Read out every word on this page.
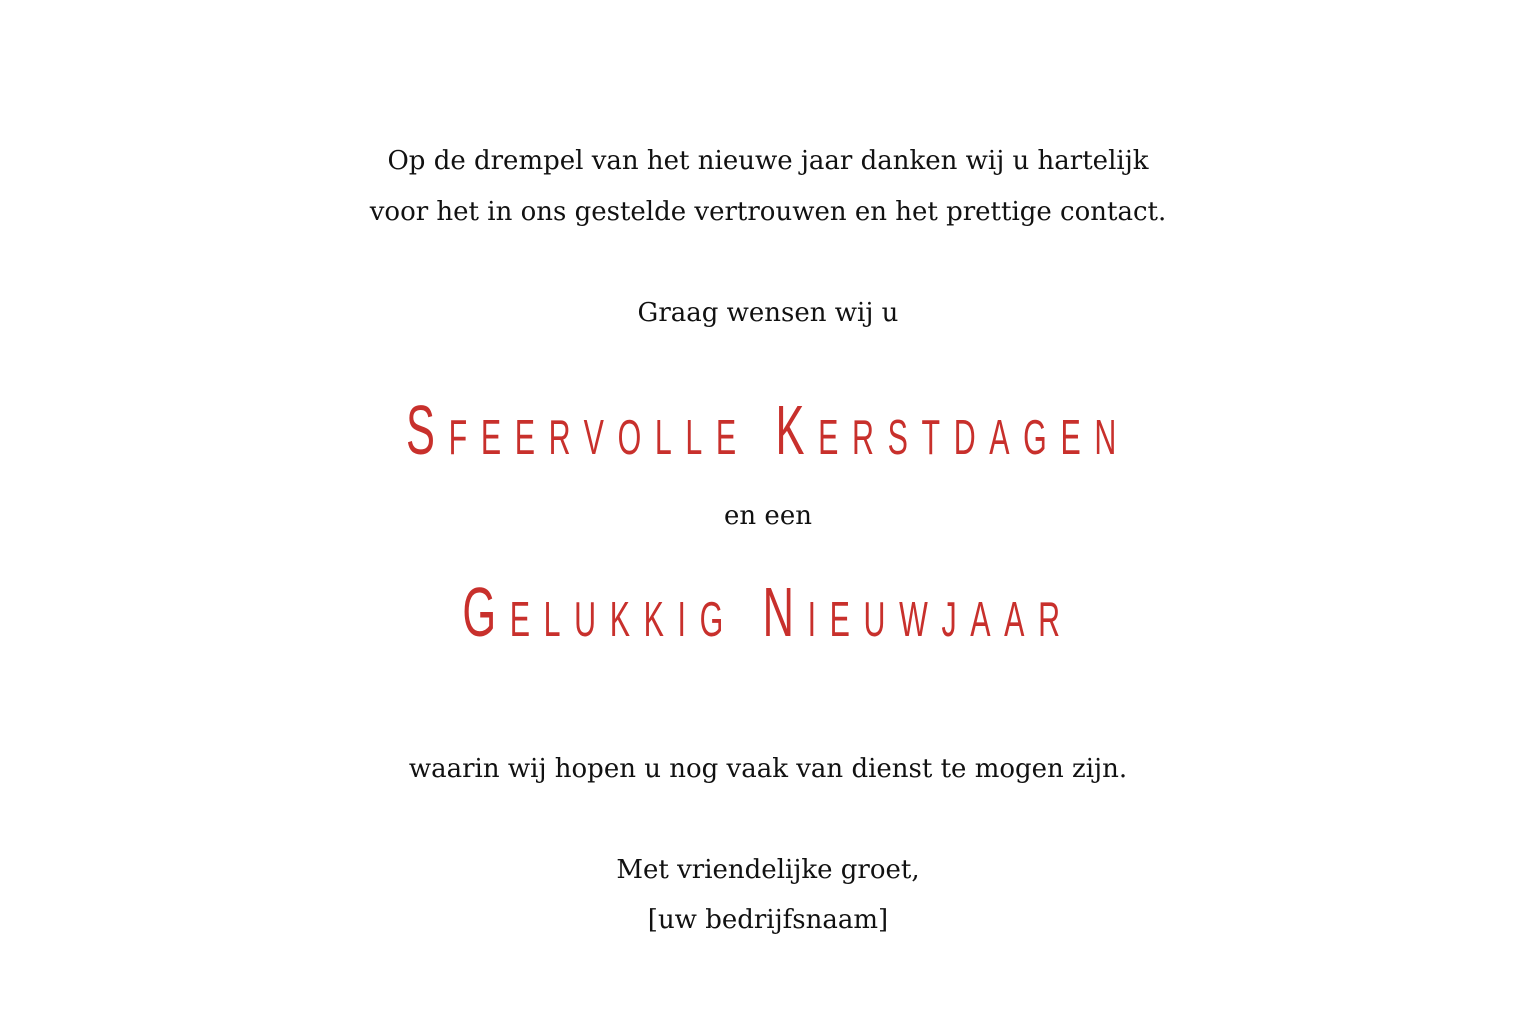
Op de drempel van het nieuwe jaar danken wij u hartelijk
voor het in ons gestelde vertrouwen en het prettige contact.
Graag wensen wij u
Sfeervolle Kerstdagen
en een
Gelukkig Nieuwjaar
waarin wij hopen u nog vaak van dienst te mogen zijn.
Met vriendelijke groet,
[uw bedrijfsnaam]
